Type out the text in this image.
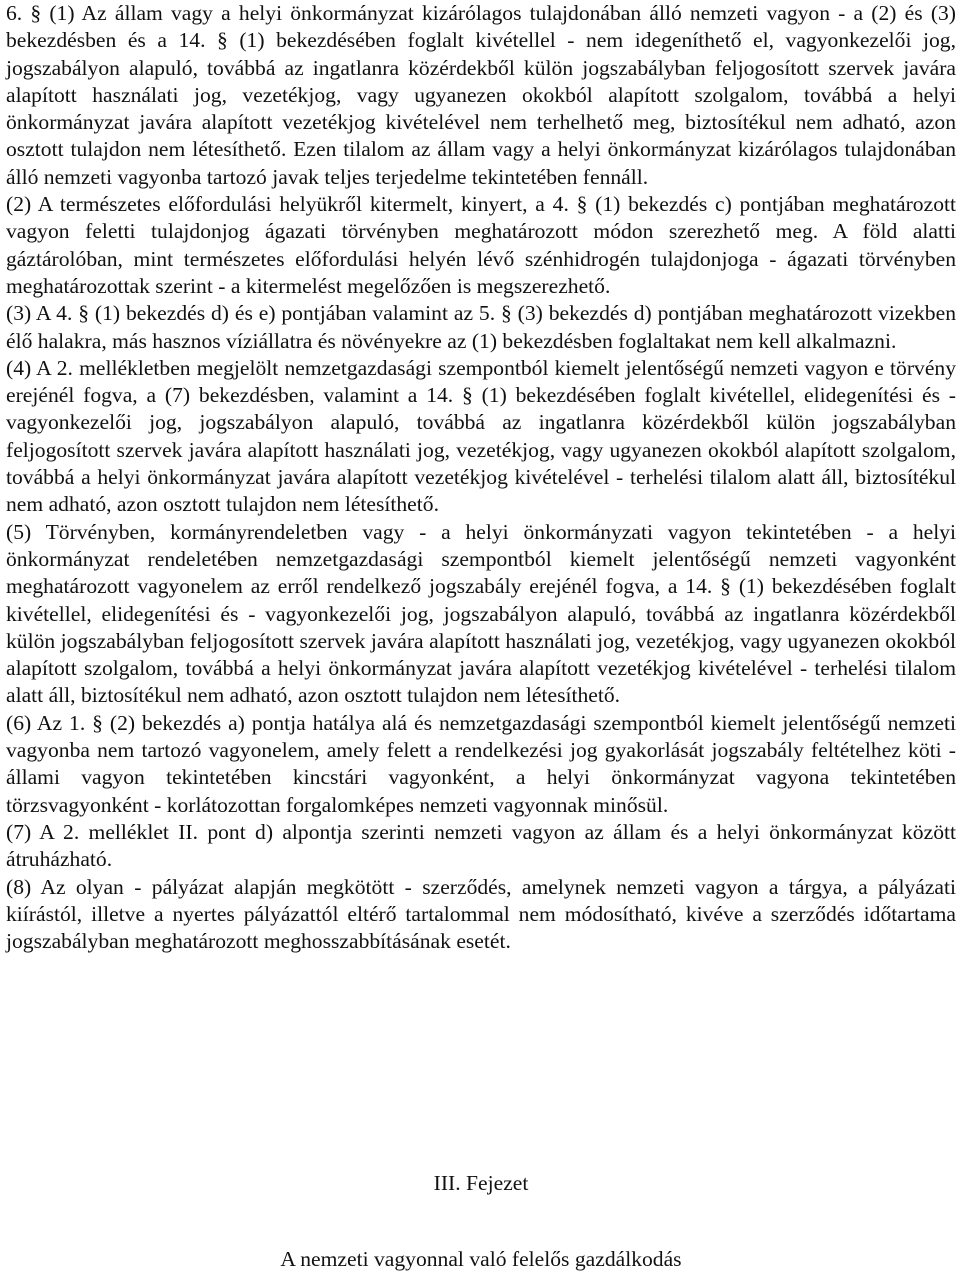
6. § (1) Az állam vagy a helyi önkormányzat kizárólagos tulajdonában álló nemzeti vagyon - a (2) és (3) bekezdésben és a 14. § (1) bekezdésében foglalt kivétellel - nem idegeníthető el, vagyonkezelői jog, jogszabályon alapuló, továbbá az ingatlanra közérdekből külön jogszabályban feljogosított szervek javára alapított használati jog, vezetékjog, vagy ugyanezen okokból alapított szolgalom, továbbá a helyi önkormányzat javára alapított vezetékjog kivételével nem terhelhető meg, biztosítékul nem adható, azon osztott tulajdon nem létesíthető. Ezen tilalom az állam vagy a helyi önkormányzat kizárólagos tulajdonában álló nemzeti vagyonba tartozó javak teljes terjedelme tekintetében fennáll.

(2) A természetes előfordulási helyükről kitermelt, kinyert, a 4. § (1) bekezdés c) pontjában meghatározott vagyon feletti tulajdonjog ágazati törvényben meghatározott módon szerezhető meg. A föld alatti gáztárolóban, mint természetes előfordulási helyén lévő szénhidrogén tulajdonjoga - ágazati törvényben meghatározottak szerint - a kitermelést megelőzően is megszerezhető.

(3) A 4. § (1) bekezdés d) és e) pontjában valamint az 5. § (3) bekezdés d) pontjában meghatározott vizekben élő halakra, más hasznos víziállatra és növényekre az (1) bekezdésben foglaltakat nem kell alkalmazni.

(4) A 2. mellékletben megjelölt nemzetgazdasági szempontból kiemelt jelentőségű nemzeti vagyon e törvény erejénél fogva, a (7) bekezdésben, valamint a 14. § (1) bekezdésében foglalt kivétellel, elidegenítési és - vagyonkezelői jog, jogszabályon alapuló, továbbá az ingatlanra közérdekből külön jogszabályban feljogosított szervek javára alapított használati jog, vezetékjog, vagy ugyanezen okokból alapított szolgalom, továbbá a helyi önkormányzat javára alapított vezetékjog kivételével - terhelési tilalom alatt áll, biztosítékul nem adható, azon osztott tulajdon nem létesíthető.

(5) Törvényben, kormányrendeletben vagy - a helyi önkormányzati vagyon tekintetében - a helyi önkormányzat rendeletében nemzetgazdasági szempontból kiemelt jelentőségű nemzeti vagyonként meghatározott vagyonelem az erről rendelkező jogszabály erejénél fogva, a 14. § (1) bekezdésében foglalt kivétellel, elidegenítési és - vagyonkezelői jog, jogszabályon alapuló, továbbá az ingatlanra közérdekből külön jogszabályban feljogosított szervek javára alapított használati jog, vezetékjog, vagy ugyanezen okokból alapított szolgalom, továbbá a helyi önkormányzat javára alapított vezetékjog kivételével - terhelési tilalom alatt áll, biztosítékul nem adható, azon osztott tulajdon nem létesíthető.

(6) Az 1. § (2) bekezdés a) pontja hatálya alá és nemzetgazdasági szempontból kiemelt jelentőségű nemzeti vagyonba nem tartozó vagyonelem, amely felett a rendelkezési jog gyakorlását jogszabály feltételhez köti - állami vagyon tekintetében kincstári vagyonként, a helyi önkormányzat vagyona tekintetében törzsvagyonként - korlátozottan forgalomképes nemzeti vagyonnak minősül.

(7) A 2. melléklet II. pont d) alpontja szerinti nemzeti vagyon az állam és a helyi önkormányzat között átruházható.

(8) Az olyan - pályázat alapján megkötött - szerződés, amelynek nemzeti vagyon a tárgya, a pályázati kiírástól, illetve a nyertes pályázattól eltérő tartalommal nem módosítható, kivéve a szerződés időtartama jogszabályban meghatározott meghosszabbításának esetét.

III. Fejezet

A nemzeti vagyonnal való felelős gazdálkodás
